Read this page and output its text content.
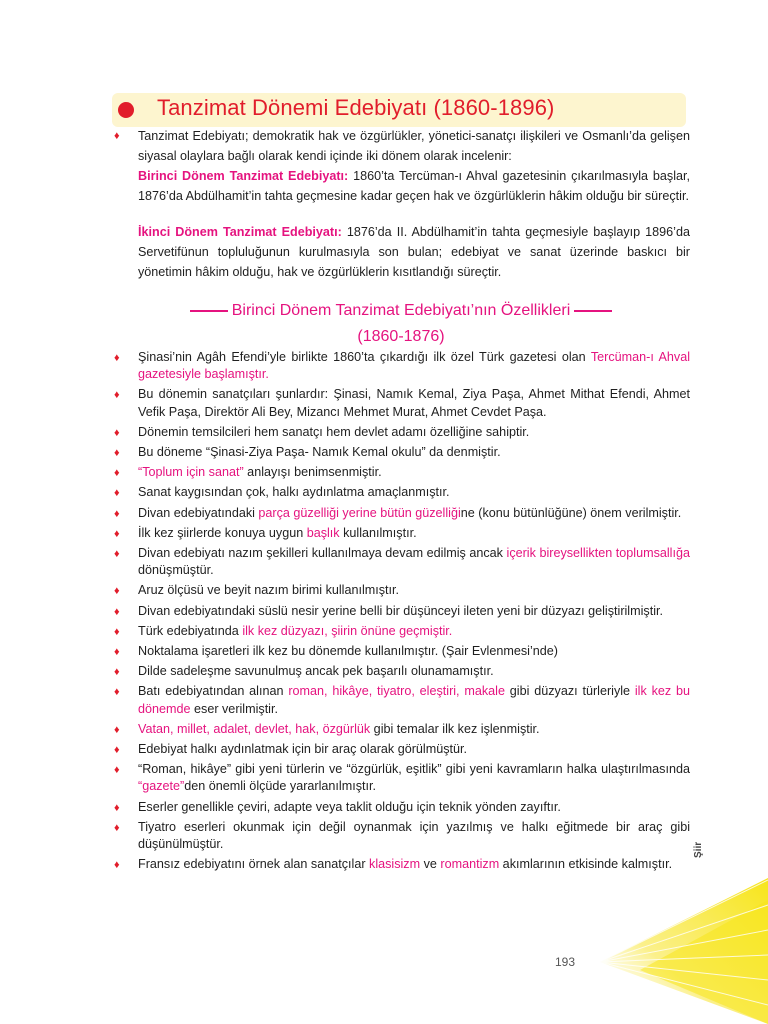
Tanzimat Dönemi Edebiyatı (1860-1896)
♦ Tanzimat Edebiyatı; demokratik hak ve özgürlükler, yönetici-sanatçı ilişkileri ve Osmanlı’da gelişen siyasal olaylara bağlı olarak kendi içinde iki dönem olarak incelenir:
Birinci Dönem Tanzimat Edebiyatı: 1860’ta Tercüman-ı Ahval gazetesinin çıkarılmasıyla başlar, 1876’da Abdülhamit’in tahta geçmesine kadar geçen hak ve özgürlüklerin hâkim olduğu bir süreçtir.
İkinci Dönem Tanzimat Edebiyatı: 1876’da II. Abdülhamit’in tahta geçmesiyle başlayıp 1896’da Servetifünun topluluğunun kurulmasıyla son bulan; edebiyat ve sanat üzerinde baskıcı bir yönetimin hâkim olduğu, hak ve özgürlüklerin kısıtlandığı süreçtir.
Birinci Dönem Tanzimat Edebiyatı’nın Özellikleri
(1860-1876)
♦ Şinasi’nin Agâh Efendi’yle birlikte 1860’ta çıkardığı ilk özel Türk gazetesi olan Tercüman-ı Ahval gazetesiyle başlamıştır.
♦ Bu dönemin sanatçıları şunlardır: Şinasi, Namık Kemal, Ziya Paşa, Ahmet Mithat Efendi, Ahmet Vefik Paşa, Direktör Ali Bey, Mizancı Mehmet Murat, Ahmet Cevdet Paşa.
♦ Dönemin temsilcileri hem sanatçı hem devlet adamı özelliğine sahiptir.
♦ Bu döneme “Şinasi-Ziya Paşa- Namık Kemal okulu” da denmiştir.
♦ “Toplum için sanat” anlayışı benimsenmiştir.
♦ Sanat kaygısından çok, halkı aydınlatma amaçlanmıştır.
♦ Divan edebiyatındaki parça güzelliği yerine bütün güzelliğine (konu bütünlüğüne) önem verilmiştir.
♦ İlk kez şiirlerde konuya uygun başlık kullanılmıştır.
♦ Divan edebiyatı nazım şekilleri kullanılmaya devam edilmiş ancak içerik bireysellikten toplumsallığa dönüşmüştür.
♦ Aruz ölçüsü ve beyit nazım birimi kullanılmıştır.
♦ Divan edebiyatındaki süslü nesir yerine belli bir düşünceyi ileten yeni bir düzyazı geliştirilmiştir.
♦ Türk edebiyatında ilk kez düzyazı, şiirin önüne geçmiştir.
♦ Noktalama işaretleri ilk kez bu dönemde kullanılmıştır. (Şair Evlenmesi’nde)
♦ Dilde sadeleşme savunulmuş ancak pek başarılı olunamamıştır.
♦ Batı edebiyatından alınan roman, hikâye, tiyatro, eleştiri, makale gibi düzyazı türleriyle ilk kez bu dönemde eser verilmiştir.
♦ Vatan, millet, adalet, devlet, hak, özgürlük gibi temalar ilk kez işlenmiştir.
♦ Edebiyat halkı aydınlatmak için bir araç olarak görülmüştür.
♦ “Roman, hikâye” gibi yeni türlerin ve “özgürlük, eşitlik” gibi yeni kavramların halka ulaştırılmasında “gazete”den önemli ölçüde yararlanılmıştır.
♦ Eserler genellikle çeviri, adapte veya taklit olduğu için teknik yönden zayıftır.
♦ Tiyatro eserleri okunmak için değil oynanmak için yazılmış ve halkı eğitmede bir araç gibi düşünülmüştür.
♦ Fransız edebiyatını örnek alan sanatçılar klasisizm ve romantizm akımlarının etkisinde kalmıştır.
Şiir
193
